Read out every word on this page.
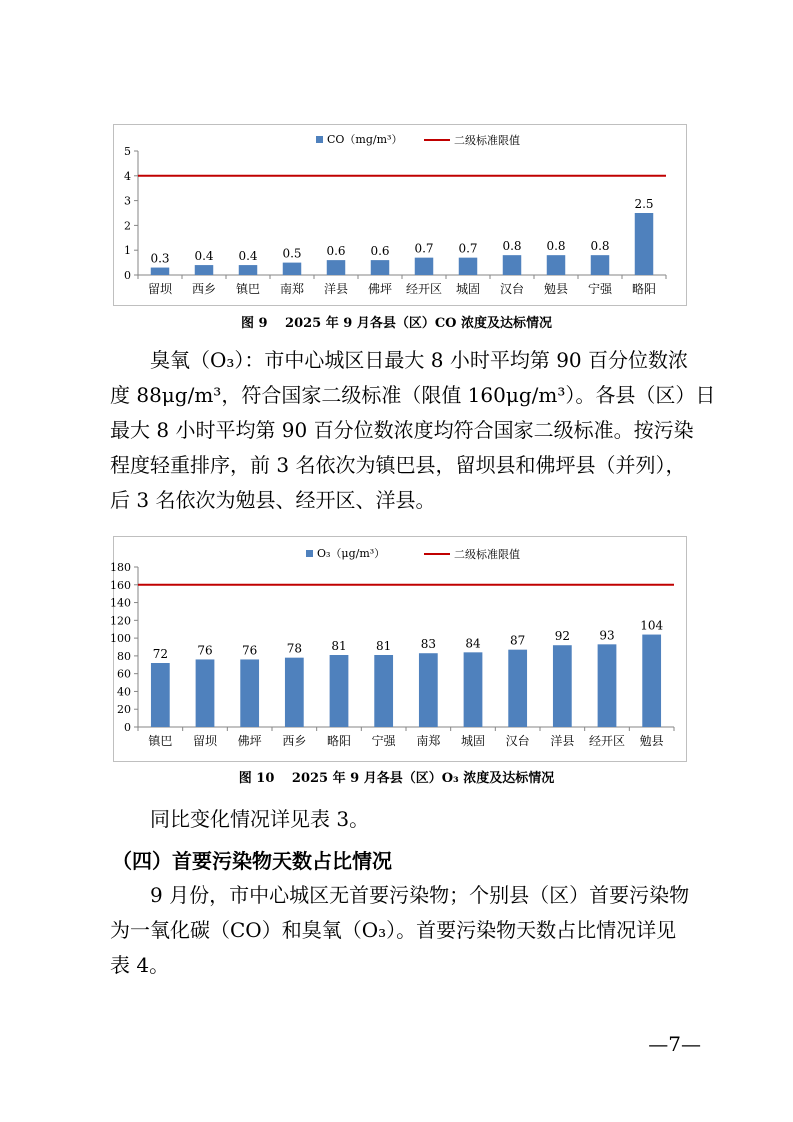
CO（mg/m³）	二级标准限值
0
1
2
3
4
5
0.3
留坝
0.4
西乡
0.4
镇巴
0.5
南郑
0.6
洋县
0.6
佛坪
0.7
经开区
0.7
城固
0.8
汉台
0.8
勉县
0.8
宁强
2.5
略阳
图 9　 2025 年 9 月各县（区）CO 浓度及达标情况
　　臭氧（O₃）：市中心城区日最大 8 小时平均第 90 百分位数浓
度 88μg/m³，符合国家二级标准（限值 160μg/m³）。各县（区）日
最大 8 小时平均第 90 百分位数浓度均符合国家二级标准。按污染
程度轻重排序，前 3 名依次为镇巴县，留坝县和佛坪县（并列），
后 3 名依次为勉县、经开区、洋县。
O₃（μg/m³）	二级标准限值
0
20
40
60
80
100
120
140
160
180
72
镇巴
76
留坝
76
佛坪
78
西乡
81
略阳
81
宁强
83
南郑
84
城固
87
汉台
92
洋县
93
经开区
104
勉县
图 10　 2025 年 9 月各县（区）O₃ 浓度及达标情况
　　同比变化情况详见表 3。
（四）首要污染物天数占比情况
　　9 月份，市中心城区无首要污染物；个别县（区）首要污染物
为一氧化碳（CO）和臭氧（O₃）。首要污染物天数占比情况详见
表 4。
—7—
